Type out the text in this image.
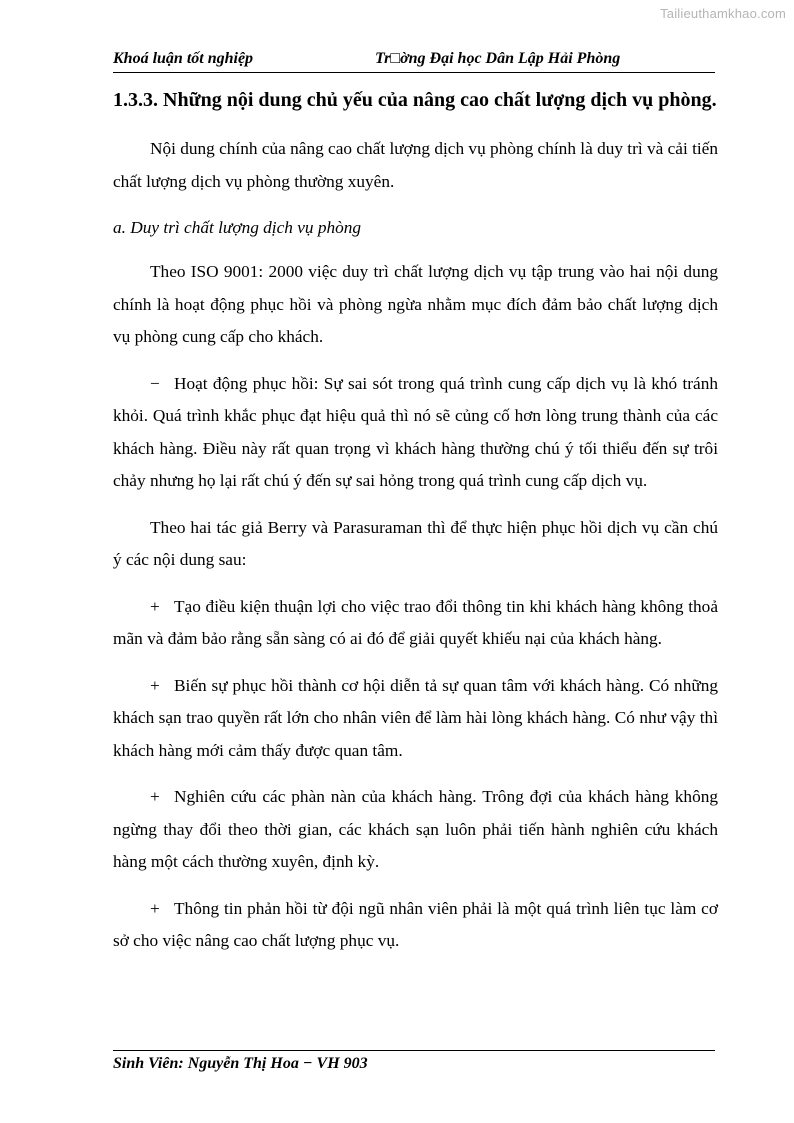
Tailieuthamkhao.com
Khoá luận tốt nghiệp	Tr□ờng Đại học Dân Lập Hải Phòng

1.3.3. Những nội dung chủ yếu của nâng cao chất lượng dịch vụ phòng.

Nội dung chính của nâng cao chất lượng dịch vụ phòng chính là duy trì và cải tiến chất lượng dịch vụ phòng thường xuyên.

a. Duy trì chất lượng dịch vụ phòng

Theo ISO 9001: 2000 việc duy trì chất lượng dịch vụ tập trung vào hai nội dung chính là hoạt động phục hồi và phòng ngừa nhằm mục đích đảm bảo chất lượng dịch vụ phòng cung cấp cho khách.

− Hoạt động phục hồi: Sự sai sót trong quá trình cung cấp dịch vụ là khó tránh khỏi. Quá trình khắc phục đạt hiệu quả thì nó sẽ củng cố hơn lòng trung thành của các khách hàng. Điều này rất quan trọng vì khách hàng thường chú ý tối thiểu đến sự trôi chảy nhưng họ lại rất chú ý đến sự sai hỏng trong quá trình cung cấp dịch vụ.

Theo hai tác giả Berry và Parasuraman thì để thực hiện phục hồi dịch vụ cần chú ý các nội dung sau:

+ Tạo điều kiện thuận lợi cho việc trao đổi thông tin khi khách hàng không thoả mãn và đảm bảo rằng sẵn sàng có ai đó để giải quyết khiếu nại của khách hàng.

+ Biến sự phục hồi thành cơ hội diễn tả sự quan tâm với khách hàng. Có những khách sạn trao quyền rất lớn cho nhân viên để làm hài lòng khách hàng. Có như vậy thì khách hàng mới cảm thấy được quan tâm.

+ Nghiên cứu các phàn nàn của khách hàng. Trông đợi của khách hàng không ngừng thay đổi theo thời gian, các khách sạn luôn phải tiến hành nghiên cứu khách hàng một cách thường xuyên, định kỳ.

+ Thông tin phản hồi từ đội ngũ nhân viên phải là một quá trình liên tục làm cơ sở cho việc nâng cao chất lượng phục vụ.

Sinh Viên: Nguyễn Thị Hoa − VH 903
